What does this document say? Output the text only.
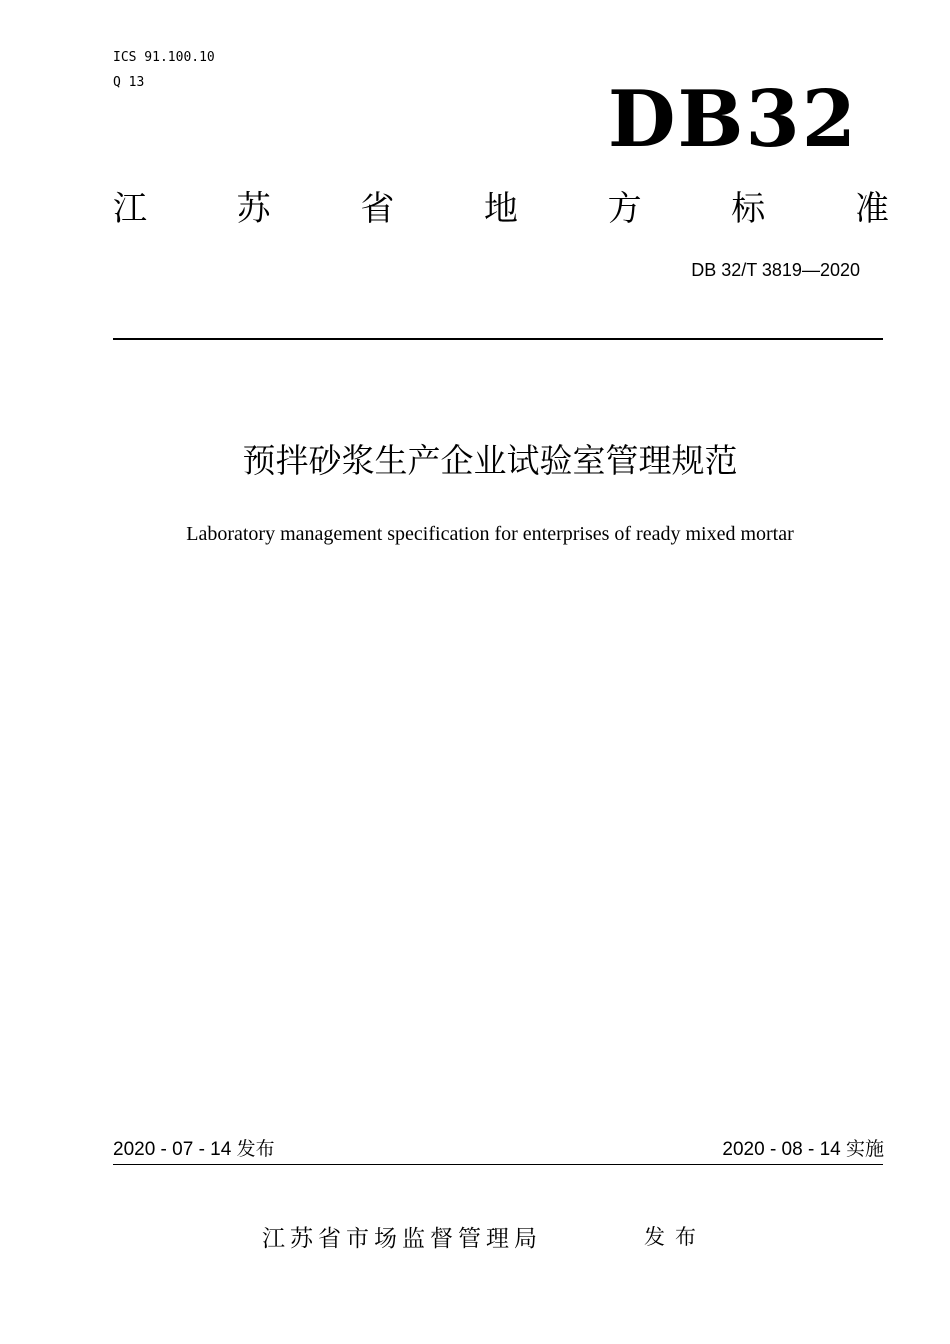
ICS 91.100.10
Q 13	DB32
江	苏	省	地	方	标	准
DB 32/T 3819—2020
预拌砂浆生产企业试验室管理规范
Laboratory management specification for enterprises of ready mixed mortar
2020 - 07 - 14 发布	2020 - 08 - 14 实施
江苏省市场监督管理局	发布
